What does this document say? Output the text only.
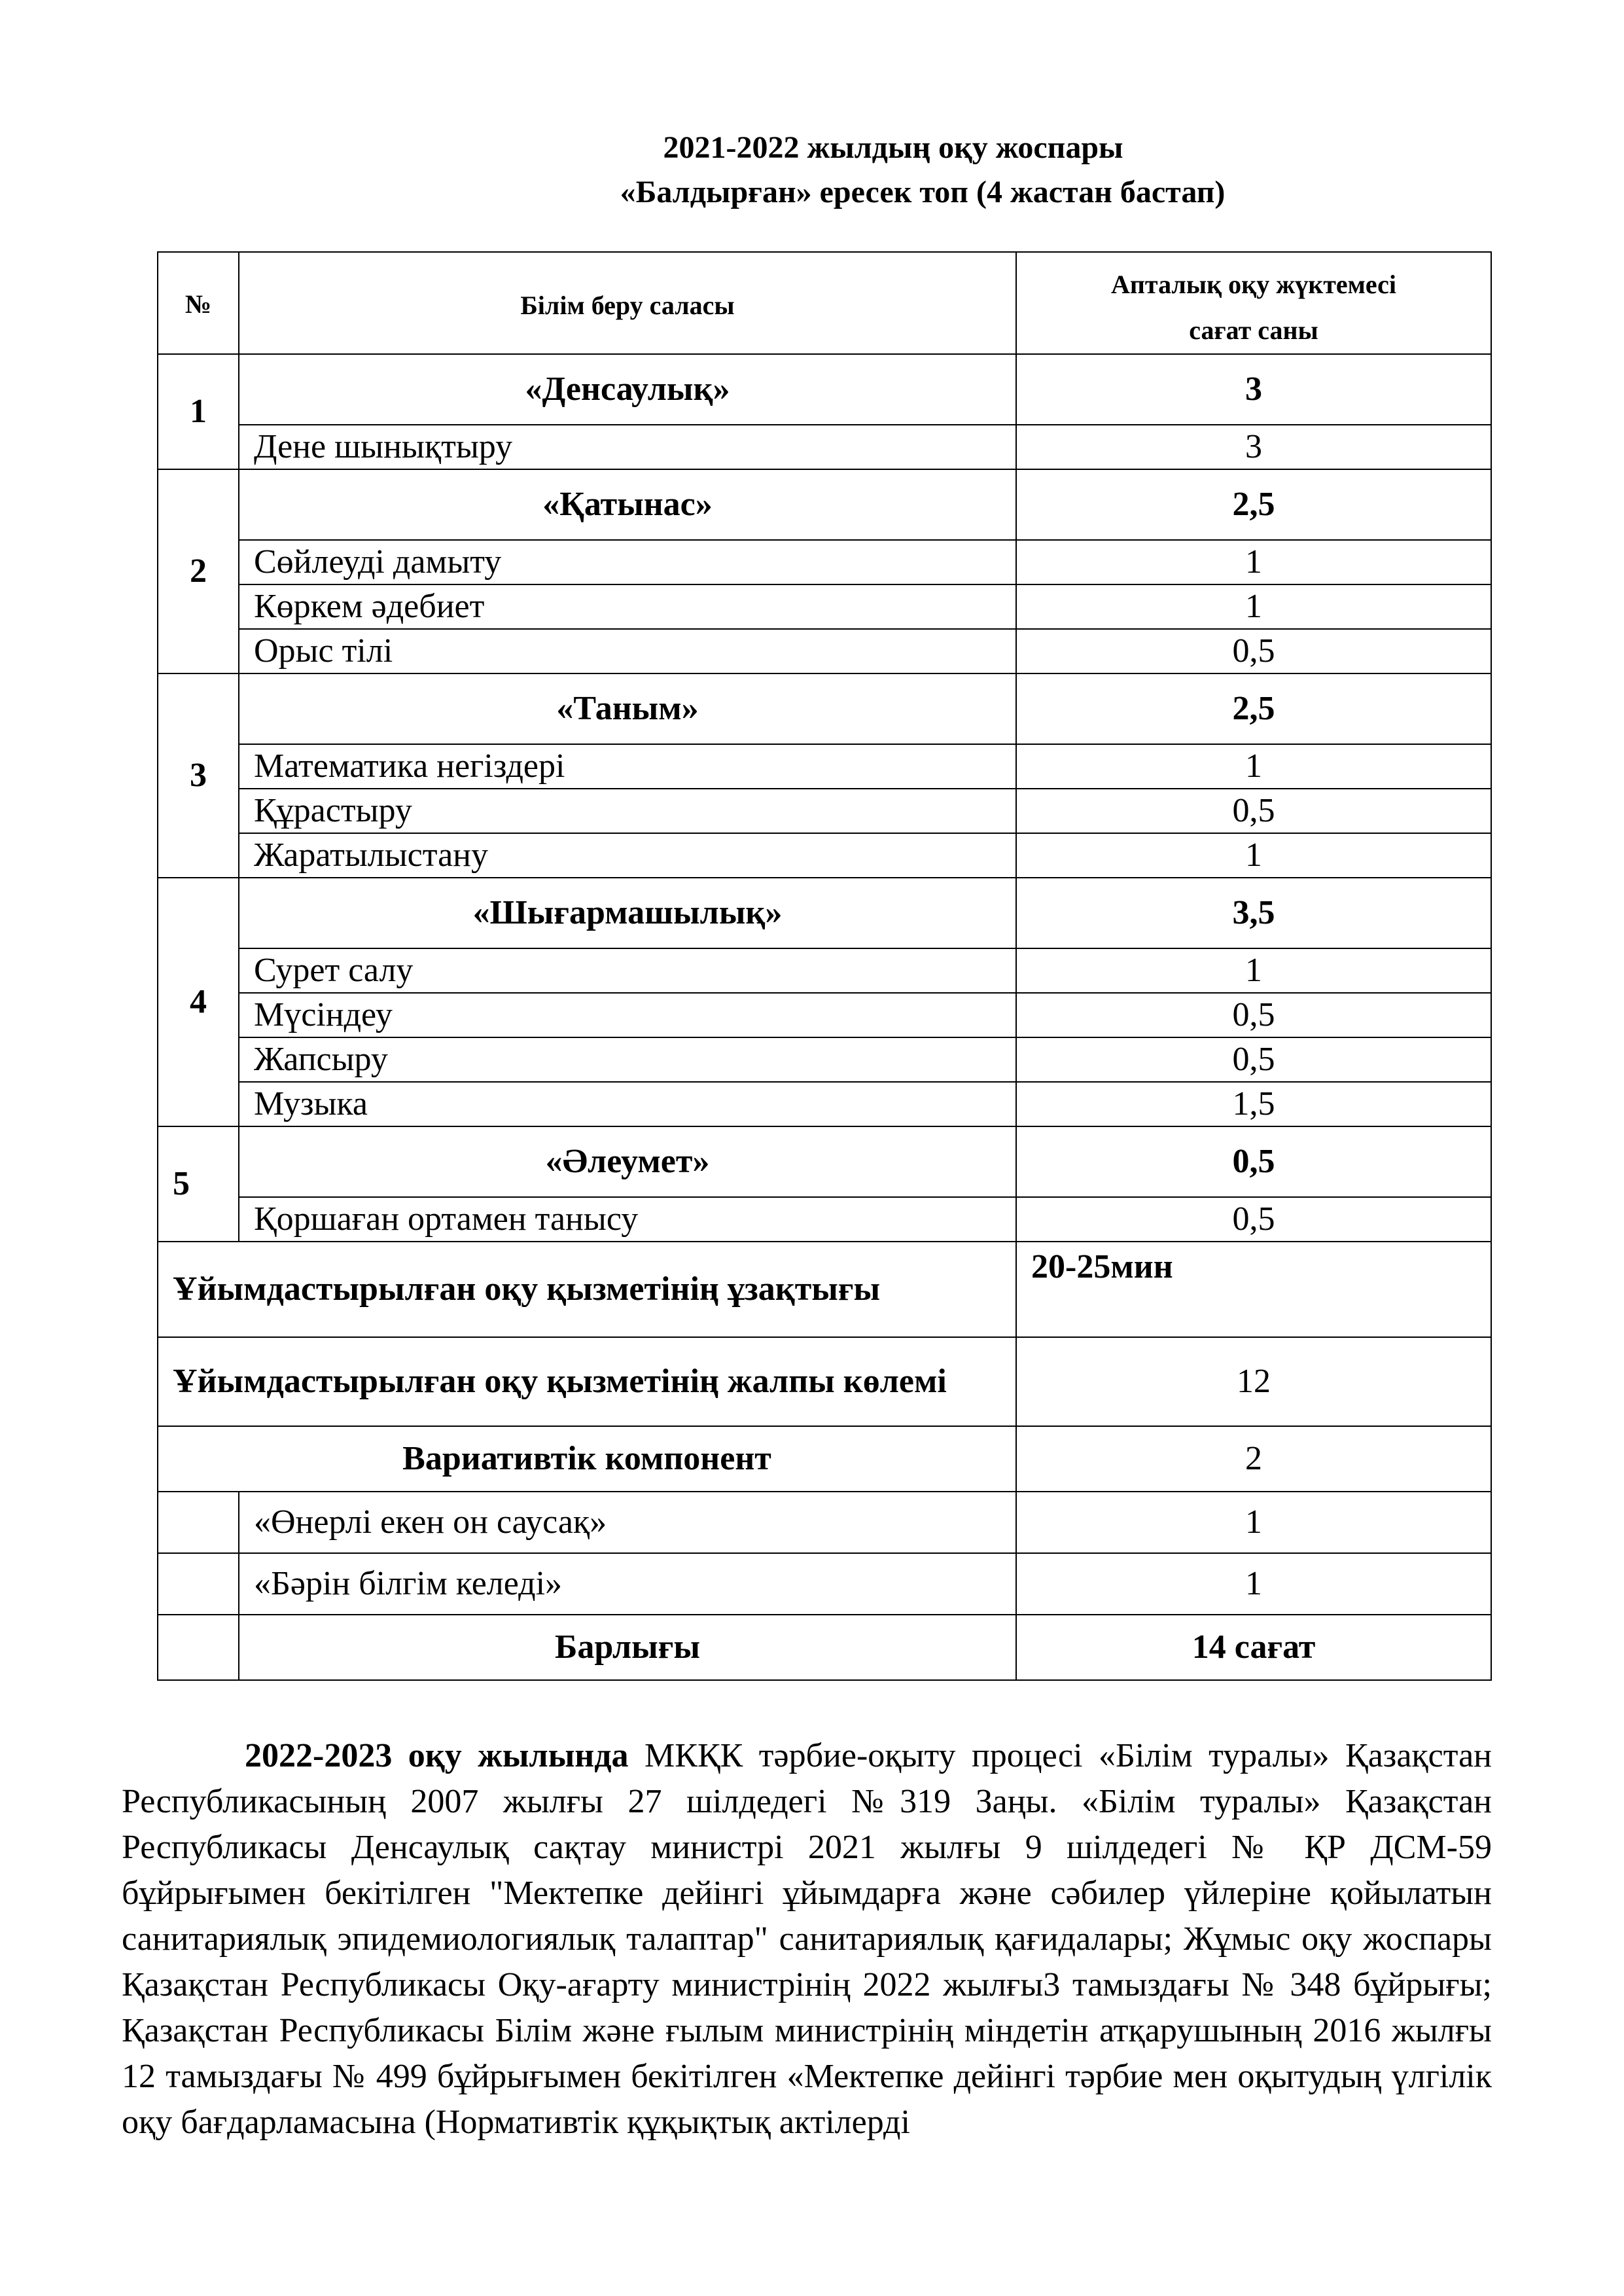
2021-2022 жылдың оқу жоспары
«Балдырған» ересек топ (4 жастан бастап)
№	Білім беру саласы	Апталық оқу жүктемесі
сағат саны
1	«Денсаулық»	3
	Дене шынықтыру	3
2	«Қатынас»	2,5
	Сөйлеуді дамыту	1
	Көркем әдебиет	1
	Орыс тілі	0,5
3	«Таным»	2,5
	Математика негіздері	1
	Құрастыру	0,5
	Жаратылыстану	1
4	«Шығармашылық»	3,5
	Сурет салу	1
	Мүсіндеу	0,5
	Жапсыру	0,5
	Музыка	1,5
5	«Әлеумет»	0,5
	Қоршаған ортамен танысу	0,5
Ұйымдастырылған оқу қызметінің ұзақтығы		20-25мин
Ұйымдастырылған оқу қызметінің жалпы көлемі		12
Вариативтік компонент		2
	«Өнерлі екен он саусақ»	1
	«Бәрін білгім келеді»	1
	Барлығы	14 сағат
2022-2023 оқу жылында МКҚК тәрбие-оқыту процесі «Білім туралы» Қазақстан Республикасының 2007 жылғы 27 шілдедегі №319 Заңы. «Білім туралы» Қазақстан Республикасы Денсаулық сақтау министрі 2021 жылғы 9 шілдедегі № ҚР ДСМ-59 бұйрығымен бекітілген "Мектепке дейінгі ұйымдарға және сәбилер үйлеріне қойылатын санитариялық эпидемиологиялық талаптар" санитариялық қағидалары; Жұмыс оқу жоспары Қазақстан Республикасы Оқу-ағарту министрінің 2022 жылғы3 тамыздағы № 348 бұйрығы; Қазақстан Республикасы Білім және ғылым министрінің міндетін атқарушының 2016 жылғы 12 тамыздағы № 499 бұйрығымен бекітілген «Мектепке дейінгі тәрбие мен оқытудың үлгілік оқу бағдарламасына (Нормативтік құқықтық актілерді
